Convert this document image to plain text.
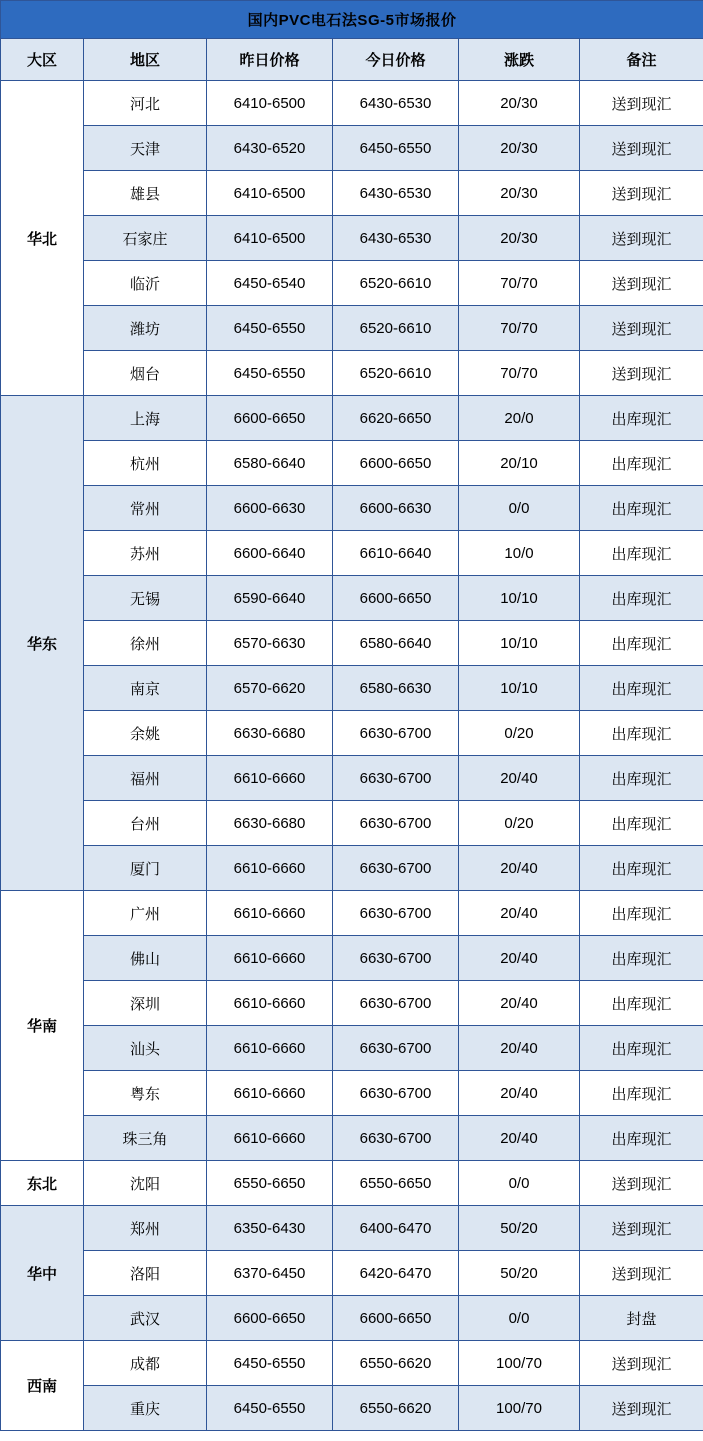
国内PVC电石法SG-5市场报价					
大区	地区	昨日价格	今日价格	涨跌	备注
华北	河北	6410-6500	6430-6530	20/30	送到现汇
	天津	6430-6520	6450-6550	20/30	送到现汇
	雄县	6410-6500	6430-6530	20/30	送到现汇
	石家庄	6410-6500	6430-6530	20/30	送到现汇
	临沂	6450-6540	6520-6610	70/70	送到现汇
	潍坊	6450-6550	6520-6610	70/70	送到现汇
	烟台	6450-6550	6520-6610	70/70	送到现汇
华东	上海	6600-6650	6620-6650	20/0	出库现汇
	杭州	6580-6640	6600-6650	20/10	出库现汇
	常州	6600-6630	6600-6630	0/0	出库现汇
	苏州	6600-6640	6610-6640	10/0	出库现汇
	无锡	6590-6640	6600-6650	10/10	出库现汇
	徐州	6570-6630	6580-6640	10/10	出库现汇
	南京	6570-6620	6580-6630	10/10	出库现汇
	余姚	6630-6680	6630-6700	0/20	出库现汇
	福州	6610-6660	6630-6700	20/40	出库现汇
	台州	6630-6680	6630-6700	0/20	出库现汇
	厦门	6610-6660	6630-6700	20/40	出库现汇
华南	广州	6610-6660	6630-6700	20/40	出库现汇
	佛山	6610-6660	6630-6700	20/40	出库现汇
	深圳	6610-6660	6630-6700	20/40	出库现汇
	汕头	6610-6660	6630-6700	20/40	出库现汇
	粤东	6610-6660	6630-6700	20/40	出库现汇
	珠三角	6610-6660	6630-6700	20/40	出库现汇
东北	沈阳	6550-6650	6550-6650	0/0	送到现汇
华中	郑州	6350-6430	6400-6470	50/20	送到现汇
	洛阳	6370-6450	6420-6470	50/20	送到现汇
	武汉	6600-6650	6600-6650	0/0	封盘
西南	成都	6450-6550	6550-6620	100/70	送到现汇
	重庆	6450-6550	6550-6620	100/70	送到现汇
